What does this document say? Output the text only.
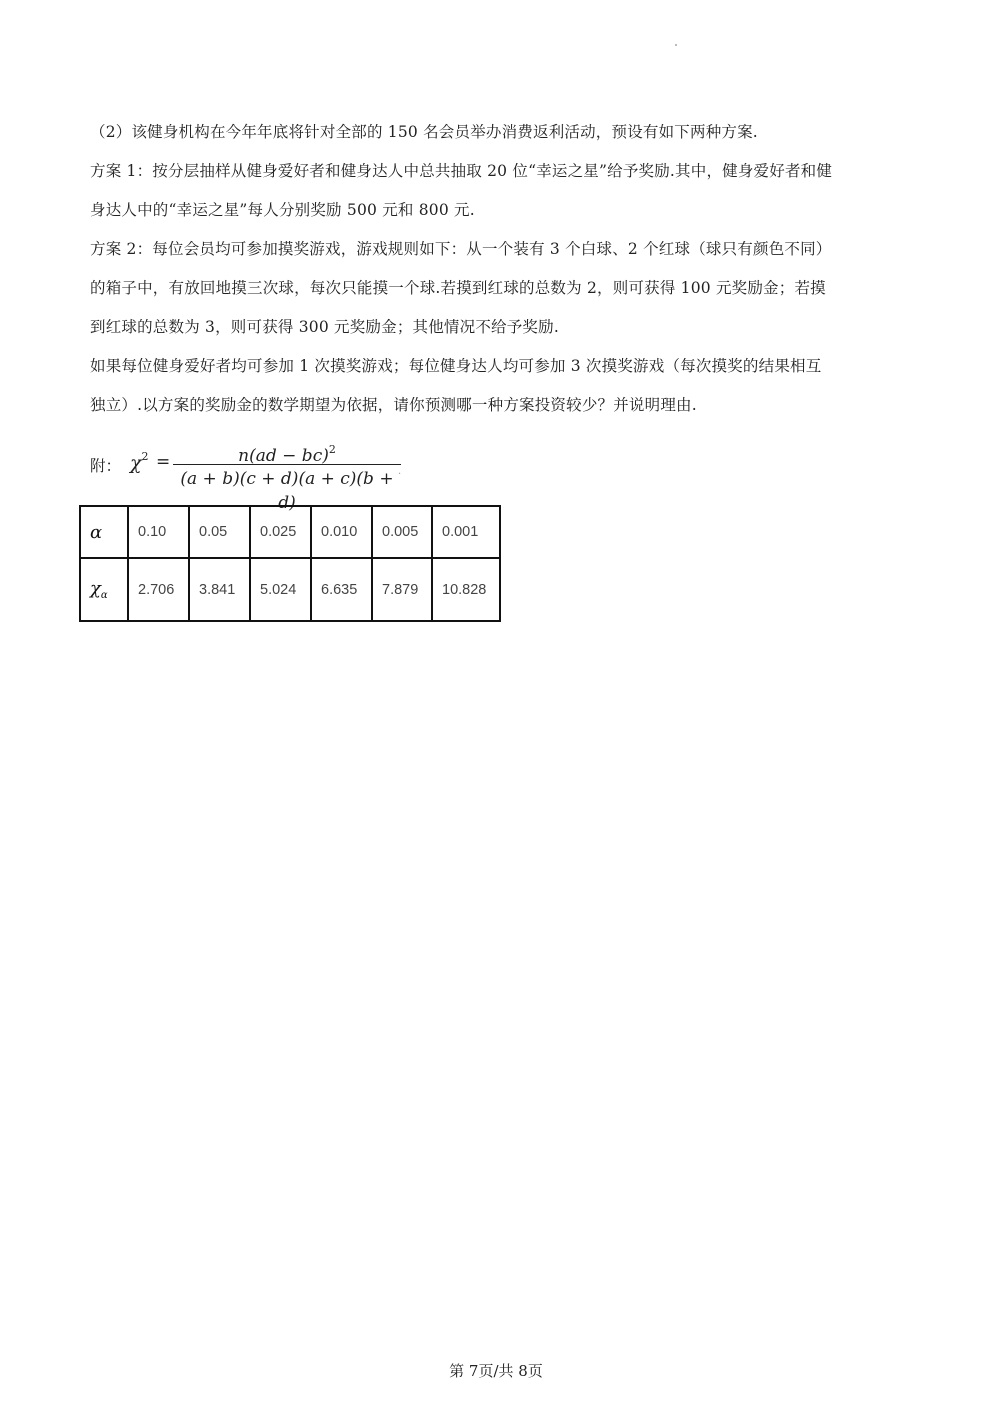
（2）该健身机构在今年年底将针对全部的 150 名会员举办消费返利活动，预设有如下两种方案.
方案 1：按分层抽样从健身爱好者和健身达人中总共抽取 20 位“幸运之星”给予奖励.其中，健身爱好者和健
身达人中的“幸运之星”每人分别奖励 500 元和 800 元.
方案 2：每位会员均可参加摸奖游戏，游戏规则如下：从一个装有 3 个白球、2 个红球（球只有颜色不同）
的箱子中，有放回地摸三次球，每次只能摸一个球.若摸到红球的总数为 2，则可获得 100 元奖励金；若摸
到红球的总数为 3，则可获得 300 元奖励金；其他情况不给予奖励.
如果每位健身爱好者均可参加 1 次摸奖游戏；每位健身达人均可参加 3 次摸奖游戏（每次摸奖的结果相互
独立）.以方案的奖励金的数学期望为依据，请你预测哪一种方案投资较少？并说明理由.
附： $\chi^2$ =	n(ad − bc)$^2$
(a + b)(c + d)(a + c)(b + d)
.
α	0.10	0.05	0.025	0.010	0.005	0.001
$\chi_\alpha$	2.706	3.841	5.024	6.635	7.879	10.828
第 7页/共 8页
